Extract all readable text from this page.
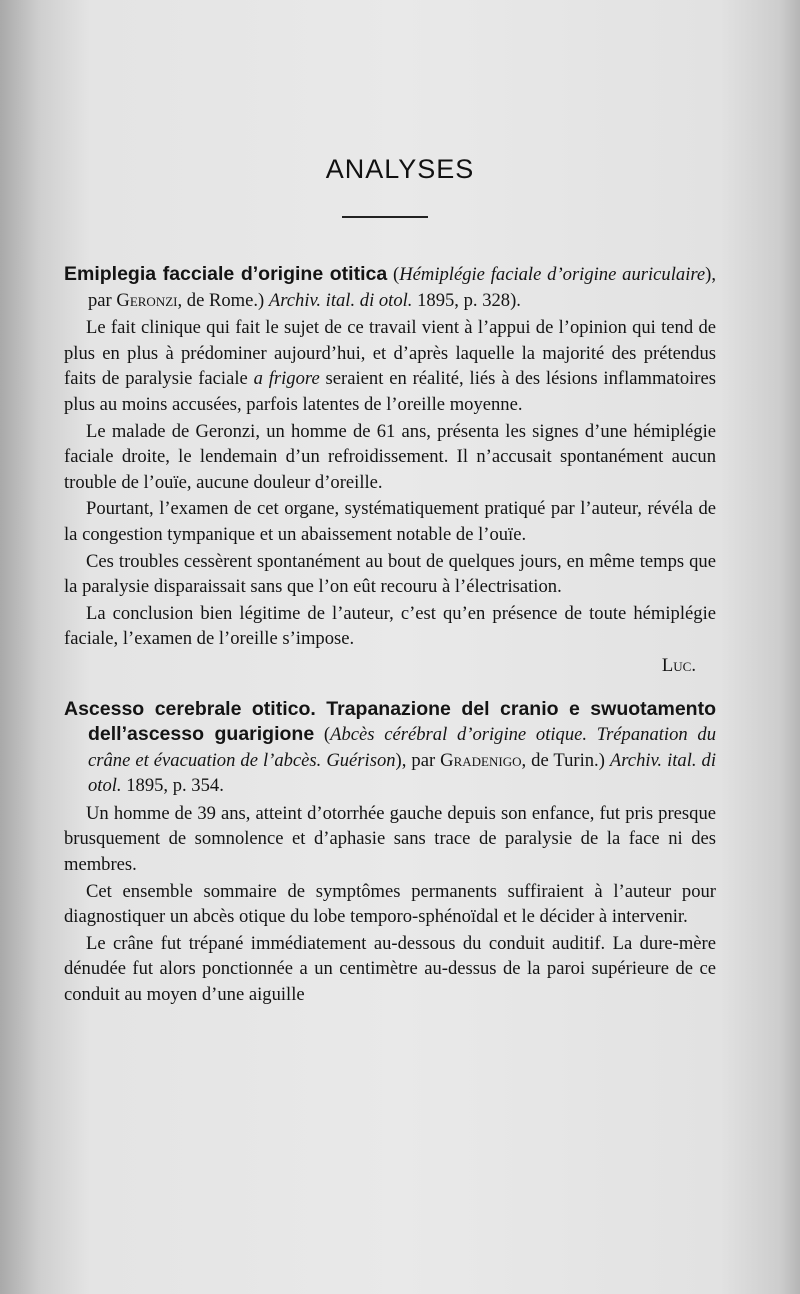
ANALYSES
Emiplegia facciale d’origine otitica (Hémiplégie faciale d’origine auriculaire), par Geronzi, de Rome.) Archiv. ital. di otol. 1895, p. 328).

Le fait clinique qui fait le sujet de ce travail vient à l’appui de l’opinion qui tend de plus en plus à prédominer aujourd’hui, et d’après laquelle la majorité des prétendus faits de paralysie faciale a frigore seraient en réalité, liés à des lésions inflammatoires plus au moins accusées, parfois latentes de l’oreille moyenne.

Le malade de Geronzi, un homme de 61 ans, présenta les signes d’une hémiplégie faciale droite, le lendemain d’un refroidissement. Il n’accusait spontanément aucun trouble de l’ouïe, aucune douleur d’oreille.

Pourtant, l’examen de cet organe, systématiquement pratiqué par l’auteur, révéla de la congestion tympanique et un abaissement notable de l’ouïe.

Ces troubles cessèrent spontanément au bout de quelques jours, en même temps que la paralysie disparaissait sans que l’on eût recouru à l’électrisation.

La conclusion bien légitime de l’auteur, c’est qu’en présence de toute hémiplégie faciale, l’examen de l’oreille s’impose.

Luc.
Ascesso cerebrale otitico. Trapanazione del cranio e swuotamento dell’ascesso guarigione (Abcès cérébral d’origine otique. Trépanation du crâne et évacuation de l’abcès. Guérison), par Gradenigo, de Turin.) Archiv. ital. di otol. 1895, p. 354.

Un homme de 39 ans, atteint d’otorrhée gauche depuis son enfance, fut pris presque brusquement de somnolence et d’aphasie sans trace de paralysie de la face ni des membres.

Cet ensemble sommaire de symptômes permanents suffiraient à l’auteur pour diagnostiquer un abcès otique du lobe temporo-sphénoïdal et le décider à intervenir.

Le crâne fut trépané immédiatement au-dessous du conduit auditif. La dure-mère dénudée fut alors ponctionnée a un centimètre au-dessus de la paroi supérieure de ce conduit au moyen d’une aiguille
